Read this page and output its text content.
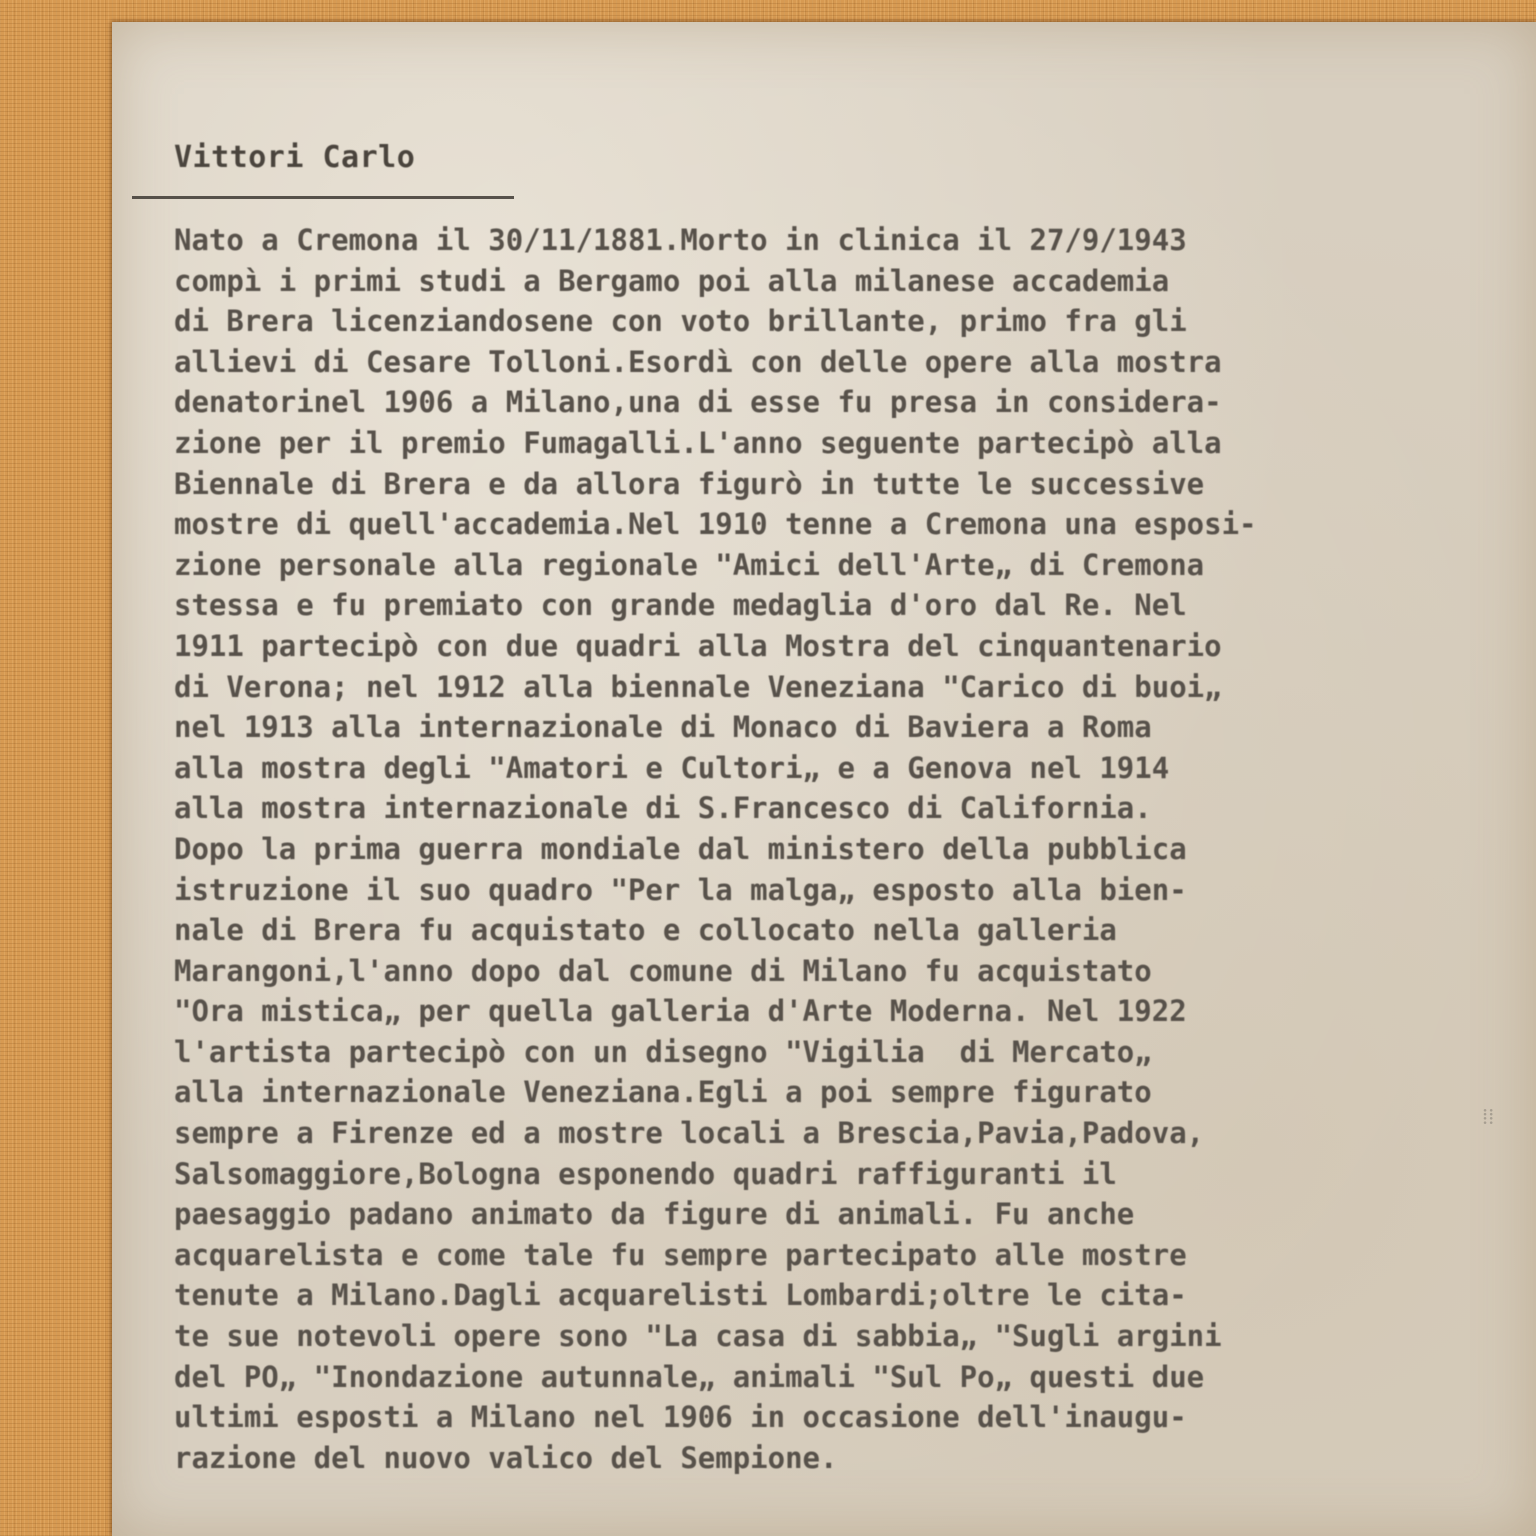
Vittori Carlo
Nato a Cremona il 30/11/1881.Morto in clinica il 27/9/1943
compì i primi studi a Bergamo poi alla milanese accademia
di Brera licenziandosene con voto brillante, primo fra gli
allievi di Cesare Tolloni.Esordì con delle opere alla mostra
denatorinel 1906 a Milano,una di esse fu presa in considera-
zione per il premio Fumagalli.L'anno seguente partecipò alla
Biennale di Brera e da allora figurò in tutte le successive
mostre di quell'accademia.Nel 1910 tenne a Cremona una esposi-
zione personale alla regionale "Amici dell'Arte„ di Cremona
stessa e fu premiato con grande medaglia d'oro dal Re. Nel
1911 partecipò con due quadri alla Mostra del cinquantenario
di Verona; nel 1912 alla biennale Veneziana "Carico di buoi„
nel 1913 alla internazionale di Monaco di Baviera a Roma
alla mostra degli "Amatori e Cultori„ e a Genova nel 1914
alla mostra internazionale di S.Francesco di California.
Dopo la prima guerra mondiale dal ministero della pubblica
istruzione il suo quadro "Per la malga„ esposto alla bien-
nale di Brera fu acquistato e collocato nella galleria
Marangoni,l'anno dopo dal comune di Milano fu acquistato
"Ora mistica„ per quella galleria d'Arte Moderna. Nel 1922
l'artista partecipò con un disegno "Vigilia  di Mercato„
alla internazionale Veneziana.Egli a poi sempre figurato
sempre a Firenze ed a mostre locali a Brescia,Pavia,Padova,
Salsomaggiore,Bologna esponendo quadri raffiguranti il
paesaggio padano animato da figure di animali. Fu anche
acquarelista e come tale fu sempre partecipato alle mostre
tenute a Milano.Dagli acquarelisti Lombardi;oltre le cita-
te sue notevoli opere sono "La casa di sabbia„ "Sugli argini
del PO„ "Inondazione autunnale„ animali "Sul Po„ questi due
ultimi esposti a Milano nel 1906 in occasione dell'inaugu-
razione del nuovo valico del Sempione.
⁞⁞
